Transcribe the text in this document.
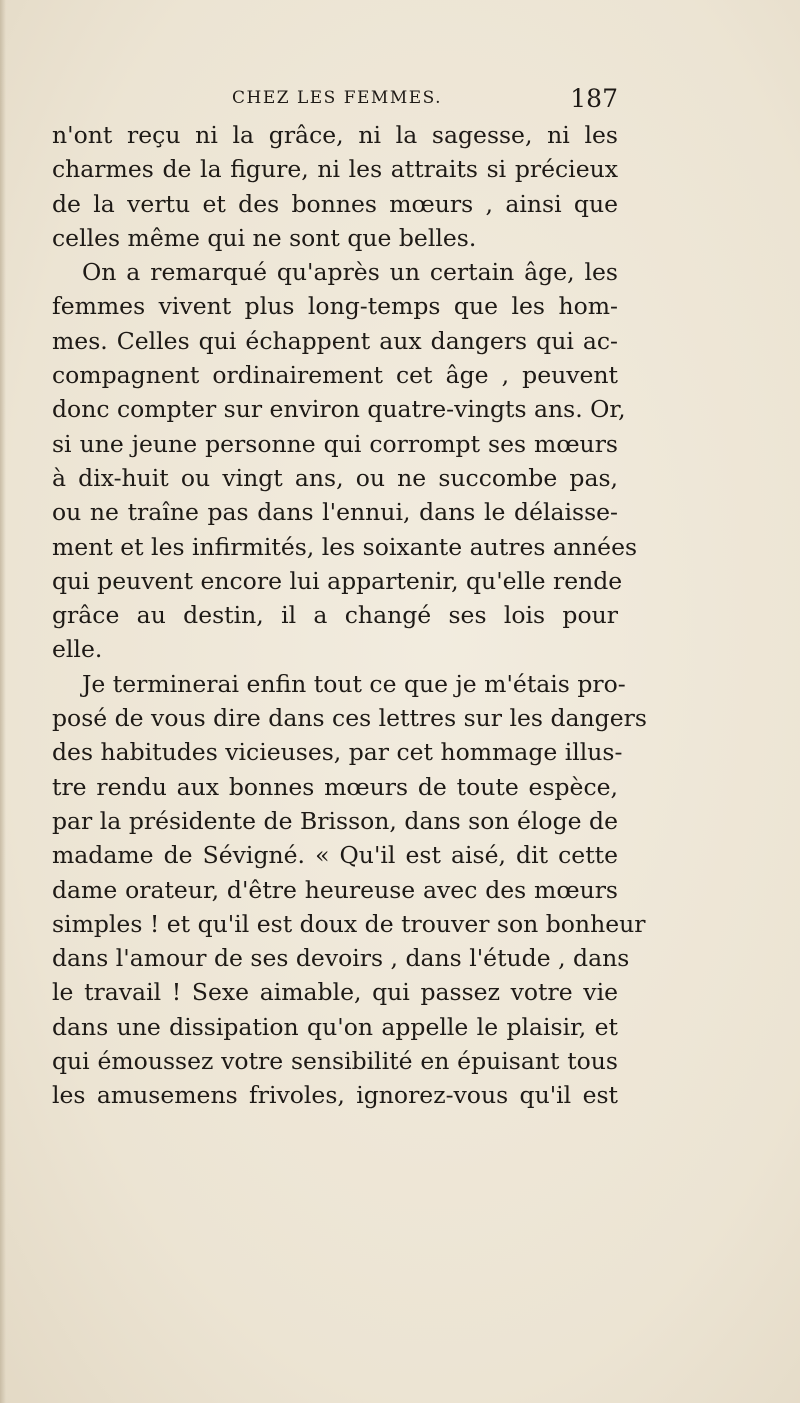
CHEZ LES FEMMES.	187
n'ont reçu ni la grâce, ni la sagesse, ni les
charmes de la figure, ni les attraits si précieux
de la vertu et des bonnes mœurs , ainsi que
celles même qui ne sont que belles.
On a remarqué qu'après un certain âge, les
femmes vivent plus long-temps que les hom-
mes. Celles qui échappent aux dangers qui ac-
compagnent ordinairement cet âge , peuvent
donc compter sur environ quatre-vingts ans. Or,
si une jeune personne qui corrompt ses mœurs
à dix-huit ou vingt ans, ou ne succombe pas,
ou ne traîne pas dans l'ennui, dans le délaisse-
ment et les infirmités, les soixante autres années
qui peuvent encore lui appartenir, qu'elle rende
grâce au destin, il a changé ses lois pour
elle.
Je terminerai enfin tout ce que je m'étais pro-
posé de vous dire dans ces lettres sur les dangers
des habitudes vicieuses, par cet hommage illus-
tre rendu aux bonnes mœurs de toute espèce,
par la présidente de Brisson, dans son éloge de
madame de Sévigné. « Qu'il est aisé, dit cette
dame orateur, d'être heureuse avec des mœurs
simples ! et qu'il est doux de trouver son bonheur
dans l'amour de ses devoirs , dans l'étude , dans
le travail ! Sexe aimable, qui passez votre vie
dans une dissipation qu'on appelle le plaisir, et
qui émoussez votre sensibilité en épuisant tous
les amusemens frivoles, ignorez-vous qu'il est
